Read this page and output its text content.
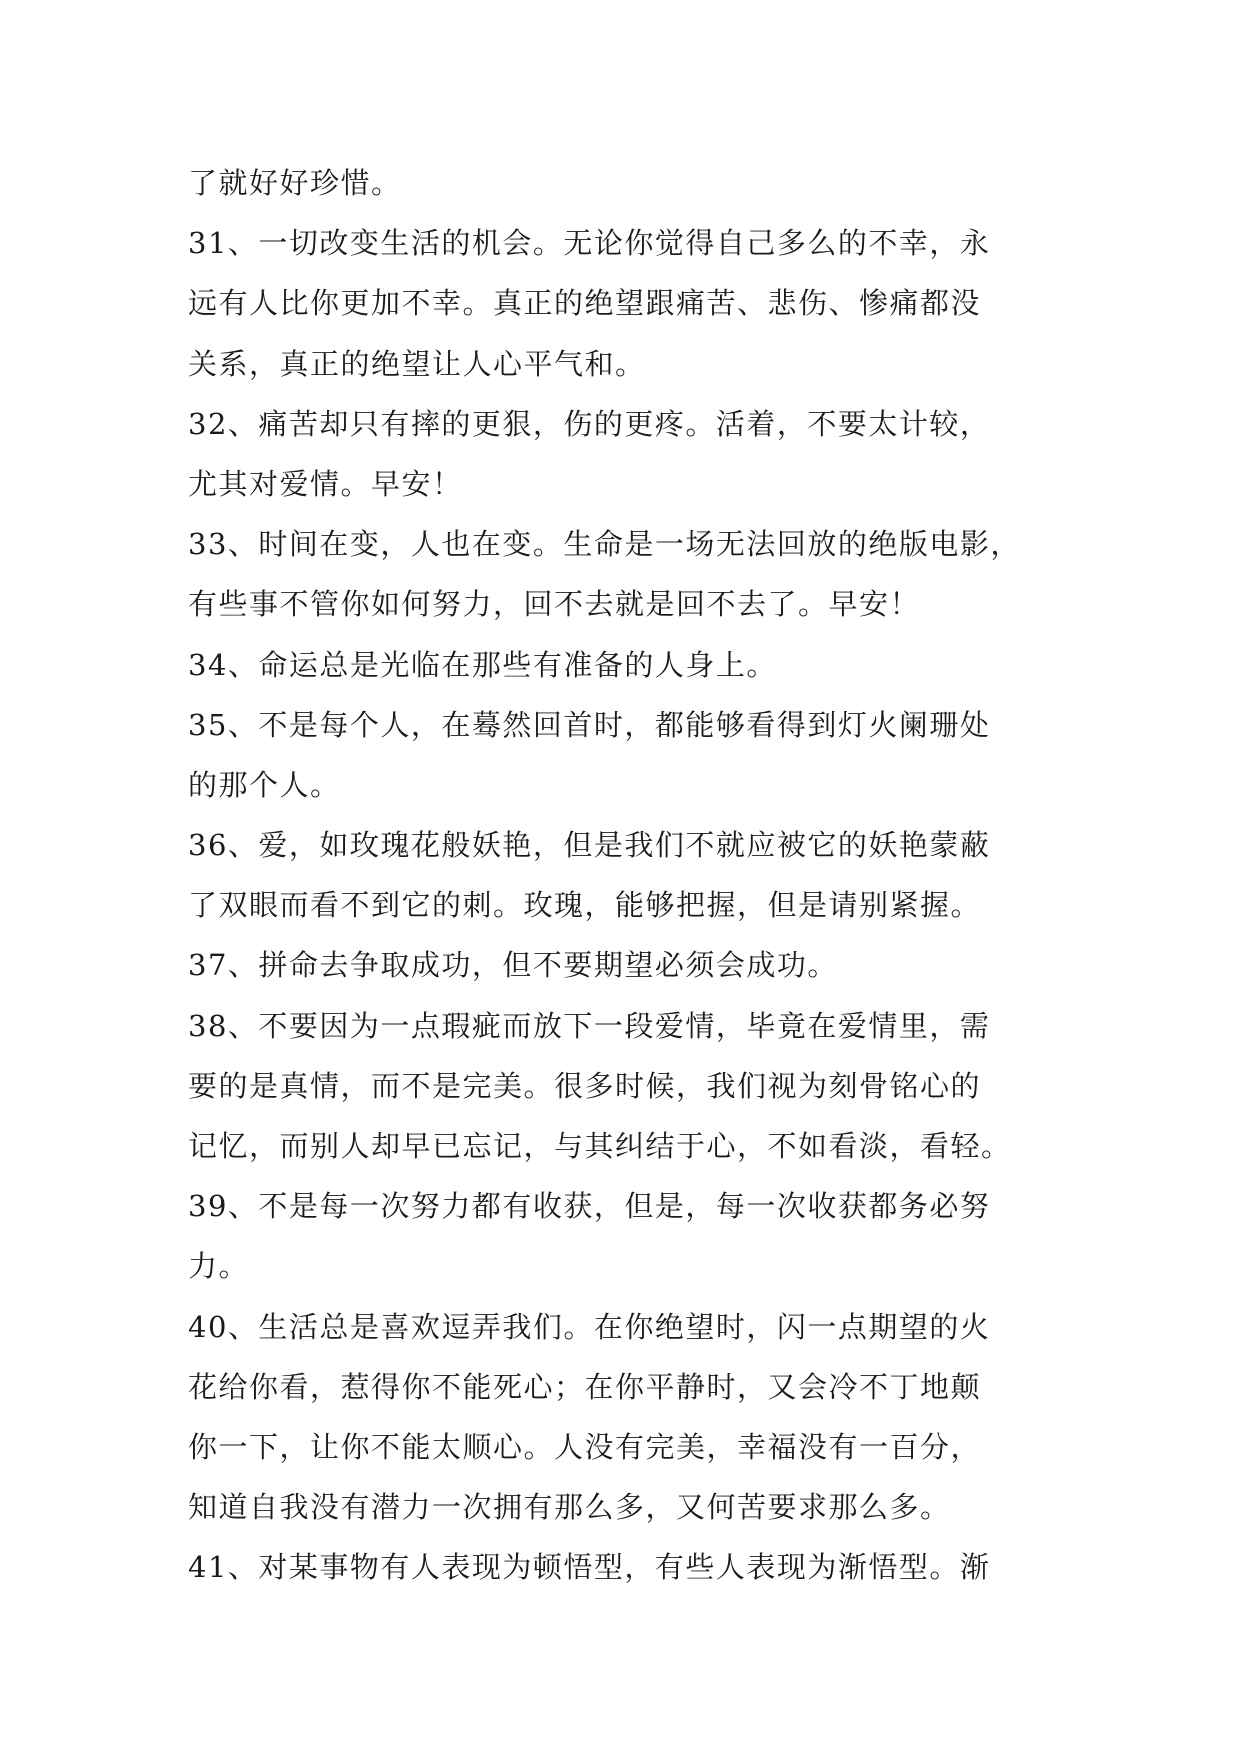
了就好好珍惜。
31、一切改变生活的机会。无论你觉得自己多么的不幸，永
远有人比你更加不幸。真正的绝望跟痛苦、悲伤、惨痛都没
关系，真正的绝望让人心平气和。
32、痛苦却只有摔的更狠，伤的更疼。活着，不要太计较，
尤其对爱情。早安！
33、时间在变，人也在变。生命是一场无法回放的绝版电影，
有些事不管你如何努力，回不去就是回不去了。早安！
34、命运总是光临在那些有准备的人身上。
35、不是每个人，在蓦然回首时，都能够看得到灯火阑珊处
的那个人。
36、爱，如玫瑰花般妖艳，但是我们不就应被它的妖艳蒙蔽
了双眼而看不到它的刺。玫瑰，能够把握，但是请别紧握。
37、拼命去争取成功，但不要期望必须会成功。
38、不要因为一点瑕疵而放下一段爱情，毕竟在爱情里，需
要的是真情，而不是完美。很多时候，我们视为刻骨铭心的
记忆，而别人却早已忘记，与其纠结于心，不如看淡，看轻。
39、不是每一次努力都有收获，但是，每一次收获都务必努
力。
40、生活总是喜欢逗弄我们。在你绝望时，闪一点期望的火
花给你看，惹得你不能死心；在你平静时，又会冷不丁地颠
你一下，让你不能太顺心。人没有完美，幸福没有一百分，
知道自我没有潜力一次拥有那么多，又何苦要求那么多。
41、对某事物有人表现为顿悟型，有些人表现为渐悟型。渐
